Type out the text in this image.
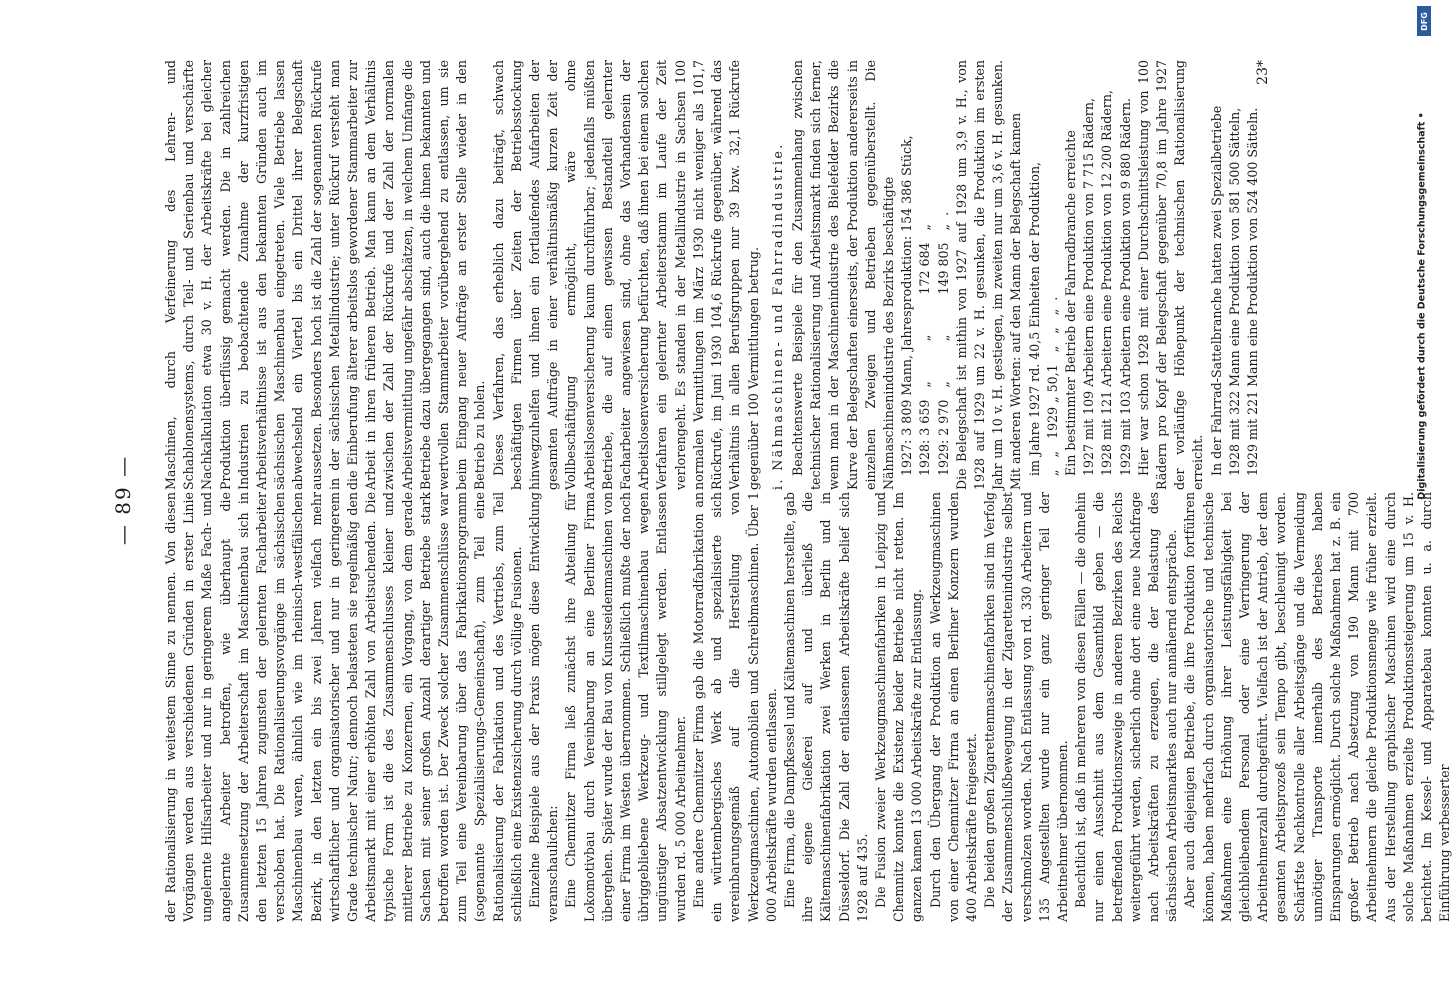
— 89 — der Rationalisierung in weitestem Sinne zu nennen. Von diesen Vorgängen werden aus verschiedenen Gründen in erster Linie ungelernte Hilfsarbeiter und nur in geringerem Maße Fach- und angelernte Arbeiter betroffen, wie überhaupt die Zusammensetzung der Arbeiterschaft im Maschinenbau sich in den letzten 15 Jahren zugunsten der gelernten Facharbeiter verschoben hat. Die Rationalisierungsvorgänge im sächsischen Maschinenbau waren, ähnlich wie im rheinisch-westfälischen Bezirk, in den letzten ein bis zwei Jahren vielfach mehr wirtschaftlicher und organisatorischer und nur in geringerem Grade technischer Natur; dennoch belasteten sie regelmäßig den Arbeitsmarkt mit einer erhöhten Zahl von Arbeitsuchenden. Die typische Form ist die des Zusammenschlusses kleiner und mittlerer Betriebe zu Konzernen, ein Vorgang, von dem gerade Sachsen mit seiner großen Anzahl derartiger Betriebe stark betroffen worden ist. Der Zweck solcher Zusammenschlüsse war zum Teil eine Vereinbarung über das Fabrikationsprogramm (sogenannte Spezialisierungs-Gemeinschaft), zum Teil eine Rationalisierung der Fabrikation und des Vertriebs, zum Teil schließlich eine Existenzsicherung durch völlige Fusionen. Einzelne Beispiele aus der Praxis mögen diese Entwicklung veranschaulichen: Eine Chemnitzer Firma ließ zunächst ihre Abteilung für Lokomotivbau durch Vereinbarung an eine Berliner Firma übergehen. Später wurde der Bau von Kunstseidenmaschinen von einer Firma im Westen übernommen. Schließlich mußte der noch übriggebliebene Werkzeug- und Textilmaschinenbau wegen ungünstiger Absatzentwicklung stillgelegt werden. Entlassen wurden rd. 5 000 Arbeitnehmer. Eine andere Chemnitzer Firma gab die Motorradfabrikation an ein württembergisches Werk ab und spezialisierte sich vereinbarungsgemäß auf die Herstellung von Werkzeugmaschinen, Automobilen und Schreibmaschinen. Über 1 000 Arbeitskräfte wurden entlassen. Eine Firma, die Dampfkessel und Kältemaschinen herstellte, gab ihre eigene Gießerei auf und überließ die Kältemaschinenfabrikation zwei Werken in Berlin und in Düsseldorf. Die Zahl der entlassenen Arbeitskräfte belief sich 1928 auf 435. Die Fusion zweier Werkzeugmaschinenfabriken in Leipzig und Chemnitz konnte die Existenz beider Betriebe nicht retten. Im ganzen kamen 13 000 Arbeitskräfte zur Entlassung. Durch den Übergang der Produktion an Werkzeugmaschinen von einer Chemnitzer Firma an einen Berliner Konzern wurden 400 Arbeitskräfte freigesetzt. Die beiden großen Zigarettenmaschinenfabriken sind im Verfolg der Zusammenschlußbewegung in der Zigarettenindustrie selbst verschmolzen worden. Nach Entlassung von rd. 330 Arbeitern und 135 Angestellten wurde nur ein ganz geringer Teil der Arbeitnehmer übernommen. Beachtlich ist, daß in mehreren von diesen Fällen — die ohnehin nur einen Ausschnitt aus dem Gesamtbild geben — die betreffenden Produktionszweige in anderen Bezirken des Reichs weitergeführt werden, sicherlich ohne dort eine neue Nachfrage nach Arbeitskräften zu erzeugen, die der Belastung des sächsischen Arbeitsmarktes auch nur annähernd entspräche. Aber auch diejenigen Betriebe, die ihre Produktion fortführen können, haben mehrfach durch organisatorische und technische Maßnahmen eine Erhöhung ihrer Leistungsfähigkeit bei gleichbleibendem Personal oder eine Verringerung der Arbeitnehmerzahl durchgeführt. Vielfach ist der Antrieb, der dem gesamten Arbeitsprozeß sein Tempo gibt, beschleunigt worden. Schärfste Nachkontrolle aller Arbeitsgänge und die Vermeidung unnötiger Transporte innerhalb des Betriebes haben Einsparungen ermöglicht. Durch solche Maßnahmen hat z. B. ein großer Betrieb nach Absetzung von 190 Mann mit 700 Arbeitnehmern die gleiche Produktionsmenge wie früher erzielt. Aus der Herstellung graphischer Maschinen wird eine durch solche Maßnahmen erzielte Produktionssteigerung um 15 v. H. berichtet. Im Kessel- und Apparatebau konnten u. a. durch Einführung verbesserter

Maschinen, durch Verfeinerung des Lehren- und Schablonensystems, durch Teil- und Serienbau und verschärfte Nachkalkulation etwa 30 v. H. der Arbeitskräfte bei gleicher Produktion überflüssig gemacht werden. Die in zahlreichen Industrien zu beobachtende Zunahme der kurzfristigen Arbeitsverhältnisse ist aus den bekannten Gründen auch im sächsischen Maschinenbau eingetreten. Viele Betriebe lassen abwechselnd ein Viertel bis ein Drittel ihrer Belegschaft aussetzen. Besonders hoch ist die Zahl der sogenannten Rückrufe in der sächsischen Metallindustrie; unter Rückruf versteht man die Einberufung älterer arbeitslos gewordener Stammarbeiter zur Arbeit in ihren früheren Betrieb. Man kann an dem Verhältnis zwischen der Zahl der Rückrufe und der Zahl der normalen Arbeitsvermittlung ungefähr abschätzen, in welchem Umfange die Betriebe dazu übergegangen sind, auch die ihnen bekannten und wertvollen Stammarbeiter vorübergehend zu entlassen, um sie beim Eingang neuer Aufträge an erster Stelle wieder in den Betrieb zu holen. Dieses Verfahren, das erheblich dazu beiträgt, schwach beschäftigten Firmen über Zeiten der Betriebsstockung hinwegzuhelfen und ihnen ein fortlaufendes Aufarbeiten der gesamten Aufträge in einer verhältnismäßig kurzen Zeit der Vollbeschäftigung ermöglicht, wäre ohne Arbeitslosenversicherung kaum durchführbar; jedenfalls müßten Betriebe, die auf einen gewissen Bestandteil gelernter Facharbeiter angewiesen sind, ohne das Vorhandensein der Arbeitslosenversicherung befürchten, daß ihnen bei einem solchen Verfahren ein gelernter Arbeiterstamm im Laufe der Zeit verlorengeht. Es standen in der Metallindustrie in Sachsen 100 normalen Vermittlungen im März 1930 nicht weniger als 101,7 Rückrufe, im Juni 1930 104,6 Rückrufe gegenüber, während das Verhältnis in allen Berufsgruppen nur 39 bzw. 32,1 Rückrufe gegenüber 100 Vermittlungen betrug. i. Nähmaschinen- und Fahrradindustrie. Beachtenswerte Beispiele für den Zusammenhang zwischen technischer Rationalisierung und Arbeitsmarkt finden sich ferner, wenn man in der Maschinenindustrie des Bielefelder Bezirks die Kurve der Belegschaften einerseits, der Produktion andererseits in einzelnen Zweigen und Betrieben gegenüberstellt. Die Nähmaschinenindustrie des Bezirks beschäftigte 1927: 3 809 Mann, Jahresproduktion: 154 386 Stück, 1928: 3 659   „          „          172 684   „ 1929: 2 970   „          „          149 805   „  . Die Belegschaft ist mithin von 1927 auf 1928 um 3,9 v. H., von 1928 auf 1929 um 22 v. H. gesunken, die Produktion im ersten Jahr um 10 v. H. gestiegen, im zweiten nur um 3,6 v. H. gesunken. Mit anderen Worten: auf den Mann der Belegschaft kamen im Jahre 1927 rd. 40,5 Einheiten der Produktion, „   „   1929 „ 50,1   „   „   „  . Ein bestimmter Betrieb der Fahrradbranche erreichte 1927 mit 109 Arbeitern eine Produktion von 7 715 Rädern, 1928 mit 121 Arbeitern eine Produktion von 12 200 Rädern, 1929 mit 103 Arbeitern eine Produktion von 9 880 Rädern. Hier war schon 1928 mit einer Durchschnittsleistung von 100 Rädern pro Kopf der Belegschaft gegenüber 70,8 im Jahre 1927 der vorläufige Höhepunkt der technischen Rationalisierung erreicht. In der Fahrrad-Sattelbranche hatten zwei Spezialbetriebe 1928 mit 322 Mann eine Produktion von 581 500 Sätteln, 1929 mit 221 Mann eine Produktion von 524 400 Sätteln.

23*
Digitalisierung gefördert durch die Deutsche Forschungsgemeinschaft •
DFG
